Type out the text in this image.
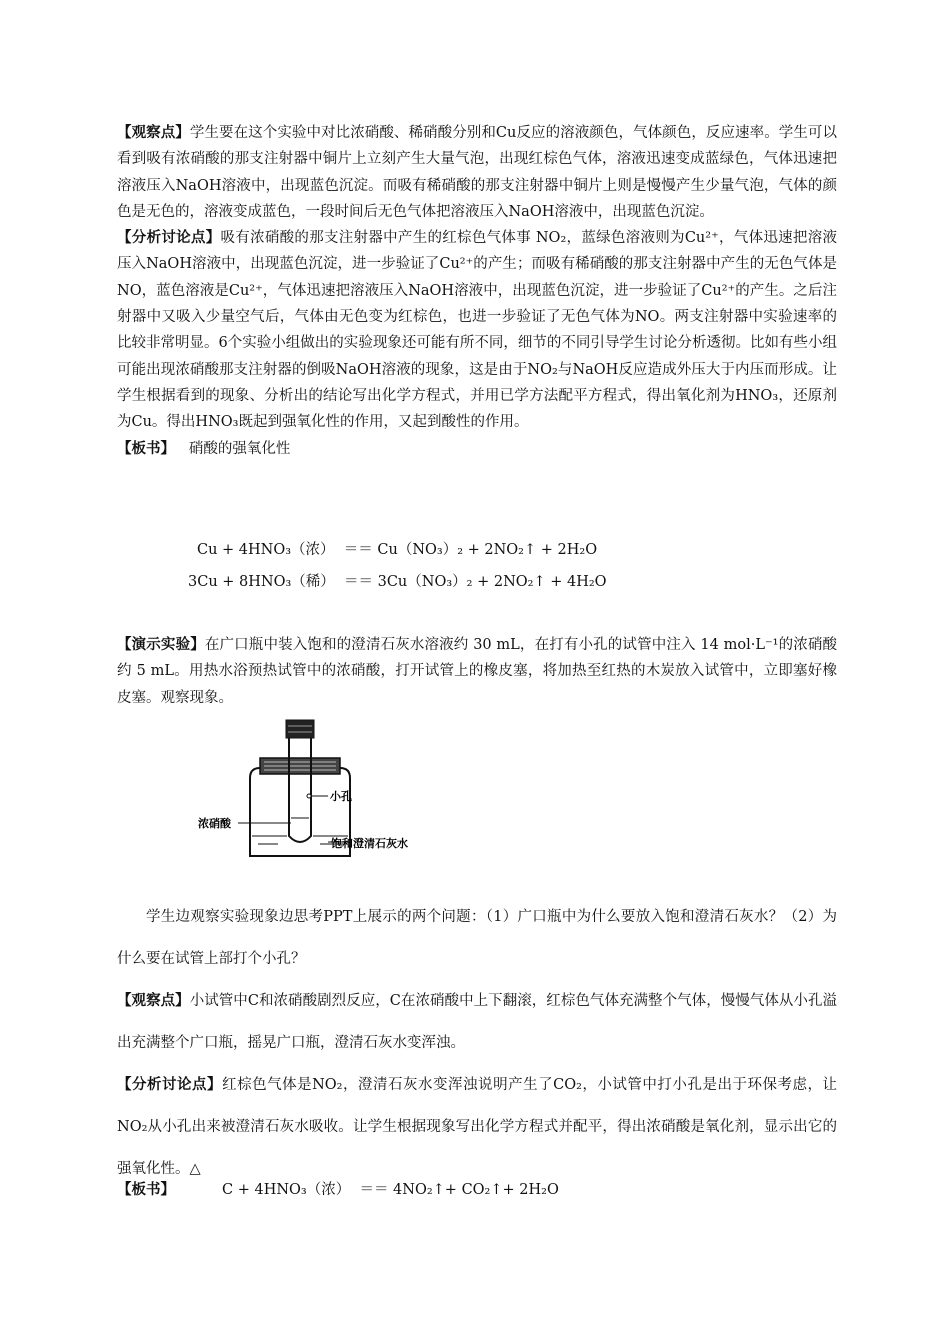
【观察点】学生要在这个实验中对比浓硝酸、稀硝酸分别和Cu反应的溶液颜色，气体颜色，反应速率。学生可以看到吸有浓硝酸的那支注射器中铜片上立刻产生大量气泡，出现红棕色气体，溶液迅速变成蓝绿色，气体迅速把溶液压入NaOH溶液中，出现蓝色沉淀。而吸有稀硝酸的那支注射器中铜片上则是慢慢产生少量气泡，气体的颜色是无色的，溶液变成蓝色，一段时间后无色气体把溶液压入NaOH溶液中，出现蓝色沉淀。

【分析讨论点】吸有浓硝酸的那支注射器中产生的红棕色气体事 NO₂，蓝绿色溶液则为Cu²⁺，气体迅速把溶液压入NaOH溶液中，出现蓝色沉淀，进一步验证了Cu²⁺的产生；而吸有稀硝酸的那支注射器中产生的无色气体是NO，蓝色溶液是Cu²⁺，气体迅速把溶液压入NaOH溶液中，出现蓝色沉淀，进一步验证了Cu²⁺的产生。之后注射器中又吸入少量空气后，气体由无色变为红棕色，也进一步验证了无色气体为NO。两支注射器中实验速率的比较非常明显。6个实验小组做出的实验现象还可能有所不同，细节的不同引导学生讨论分析透彻。比如有些小组可能出现浓硝酸那支注射器的倒吸NaOH溶液的现象，这是由于NO₂与NaOH反应造成外压大于内压而形成。让学生根据看到的现象、分析出的结论写出化学方程式，并用已学方法配平方程式，得出氧化剂为HNO₃，还原剂为Cu。得出HNO₃既起到强氧化性的作用，又起到酸性的作用。

【板书】 硝酸的强氧化性

Cu + 4HNO₃（浓）  ＝＝ Cu（NO₃）₂ + 2NO₂↑ + 2H₂O
3Cu + 8HNO₃（稀）  ＝＝ 3Cu（NO₃）₂ + 2NO₂↑ + 4H₂O

【演示实验】在广口瓶中装入饱和的澄清石灰水溶液约 30 mL，在打有小孔的试管中注入 14 mol·L⁻¹的浓硝酸约 5 mL。用热水浴预热试管中的浓硝酸，打开试管上的橡皮塞，将加热至红热的木炭放入试管中，立即塞好橡皮塞。观察现象。

小孔
浓硝酸
饱和澄清石灰水

学生边观察实验现象边思考PPT上展示的两个问题：（1）广口瓶中为什么要放入饱和澄清石灰水？（2）为什么要在试管上部打个小孔？

【观察点】小试管中C和浓硝酸剧烈反应，C在浓硝酸中上下翻滚，红棕色气体充满整个气体，慢慢气体从小孔溢出充满整个广口瓶，摇晃广口瓶，澄清石灰水变浑浊。

【分析讨论点】红棕色气体是NO₂，澄清石灰水变浑浊说明产生了CO₂，小试管中打小孔是出于环保考虑，让NO₂从小孔出来被澄清石灰水吸收。让学生根据现象写出化学方程式并配平，得出浓硝酸是氧化剂，显示出它的强氧化性。△

【板书】	C + 4HNO₃（浓）  ＝＝ 4NO₂↑+ CO₂↑+ 2H₂O
